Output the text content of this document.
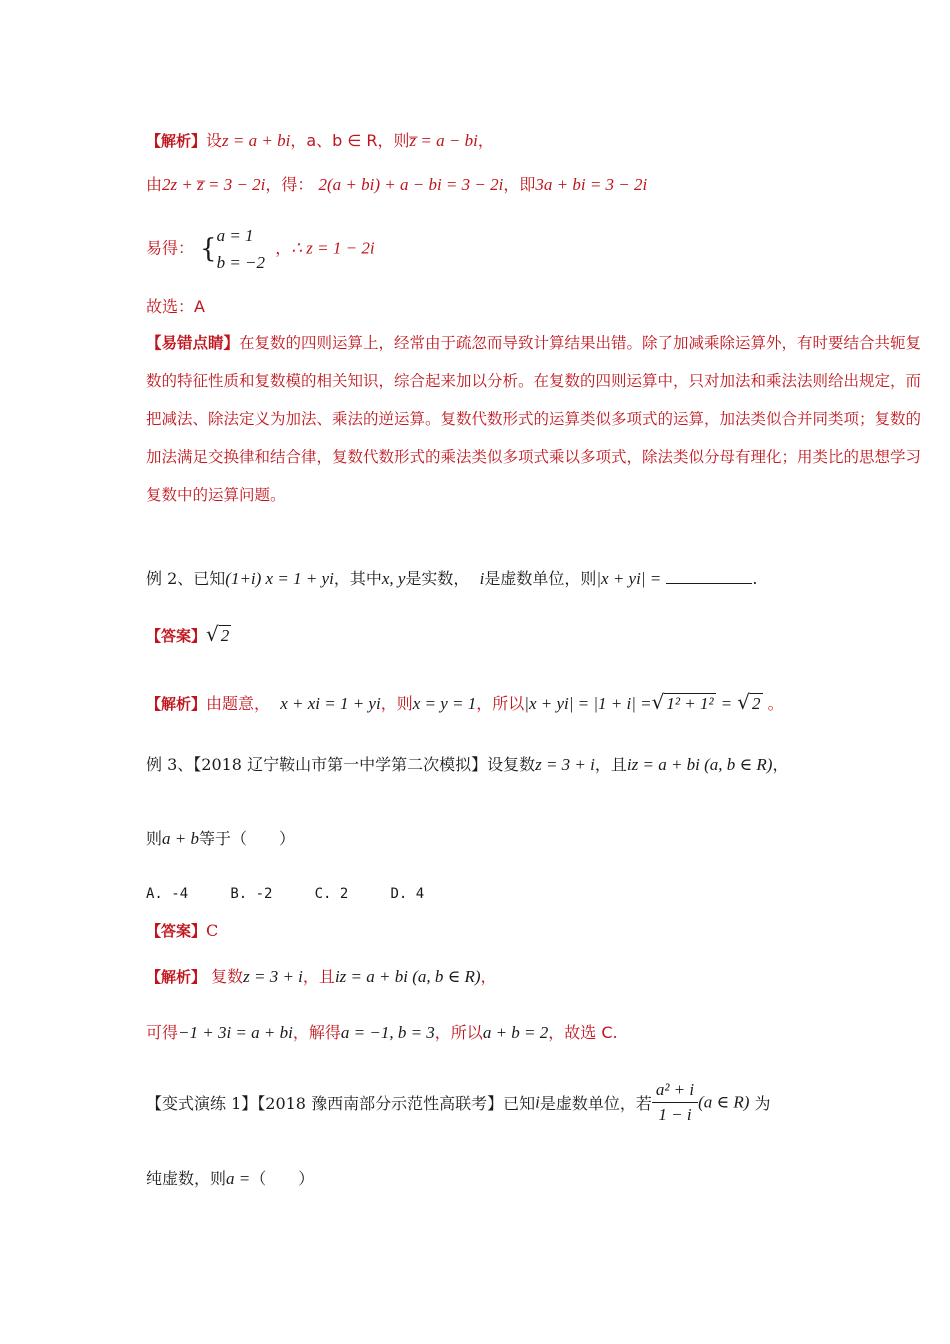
【解析】设z = a + bi，a、b ∈ R，则z̅ = a − bi，
由2z + z̅ = 3 − 2i，得： 2(a + bi) + a − bi = 3 − 2i，即3a + bi = 3 − 2i
易得： {a = 1
b = −2  ，∴ z = 1 − 2i
故选：A
【易错点睛】在复数的四则运算上，经常由于疏忽而导致计算结果出错。除了加减乘除运算外，有时要结合共轭复数的特征性质和复数模的相关知识，综合起来加以分析。在复数的四则运算中，只对加法和乘法法则给出规定，而把减法、除法定义为加法、乘法的逆运算。复数代数形式的运算类似多项式的运算，加法类似合并同类项；复数的加法满足交换律和结合律，复数代数形式的乘法类似多项式乘以多项式，除法类似分母有理化；用类比的思想学习复数中的运算问题。
例 2、已知(1+i) x = 1 + yi，其中x, y是实数， i是虚数单位，则|x + yi| =	.
【答案】√ 2
【解析】由题意， x + xi = 1 + yi，则x = y = 1，所以|x + yi| = |1 + i| =√ 1² + 1² = √ 2 。
例 3、【2018 辽宁鞍山市第一中学第二次模拟】设复数z = 3 + i，且iz = a + bi (a, b ∈ R)，
则a + b等于（　　）
A. -4	B. -2	C. 2	D. 4
【答案】C
【解析】 复数z = 3 + i，且iz = a + bi (a, b ∈ R)，
可得−1 + 3i = a + bi，解得a = −1, b = 3，所以a + b = 2，故选 C.
【变式演练 1】【2018 豫西南部分示范性高联考】已知i是虚数单位，若 $\frac{\text{a² + i}}{1 - i} (a$ ∈ R) 为
纯虚数，则a =（　　）
